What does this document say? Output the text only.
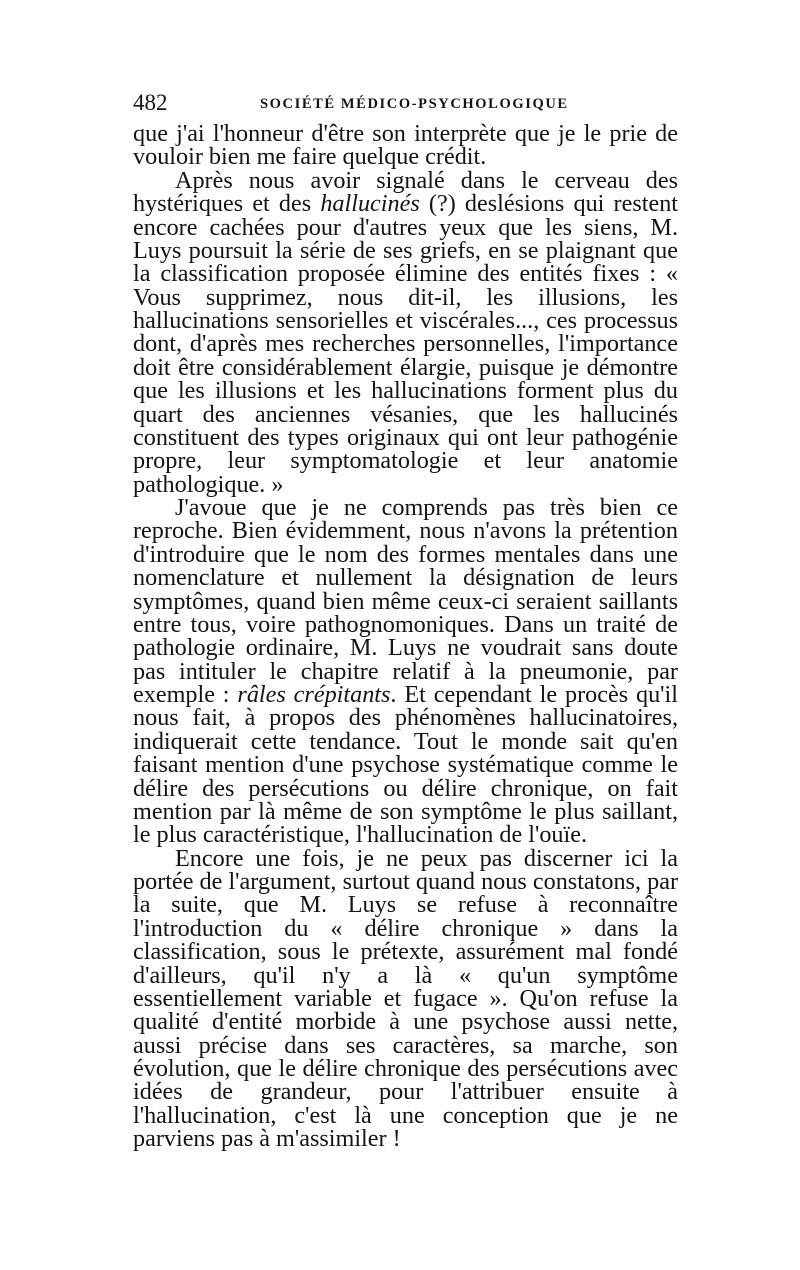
482	SOCIÉTÉ MÉDICO-PSYCHOLOGIQUE

que j'ai l'honneur d'être son interprète que je le prie de vouloir bien me faire quelque crédit.

Après nous avoir signalé dans le cerveau des hystériques et des hallucinés (?) deslésions qui restent encore cachées pour d'autres yeux que les siens, M. Luys poursuit la série de ses griefs, en se plaignant que la classification proposée élimine des entités fixes : « Vous supprimez, nous dit-il, les illusions, les hallucinations sensorielles et viscérales..., ces processus dont, d'après mes recherches personnelles, l'importance doit être considérablement élargie, puisque je démontre que les illusions et les hallucinations forment plus du quart des anciennes vésanies, que les hallucinés constituent des types originaux qui ont leur pathogénie propre, leur symptomatologie et leur anatomie pathologique. »

J'avoue que je ne comprends pas très bien ce reproche. Bien évidemment, nous n'avons la prétention d'introduire que le nom des formes mentales dans une nomenclature et nullement la désignation de leurs symptômes, quand bien même ceux-ci seraient saillants entre tous, voire pathognomoniques. Dans un traité de pathologie ordinaire, M. Luys ne voudrait sans doute pas intituler le chapitre relatif à la pneumonie, par exemple : râles crépitants. Et cependant le procès qu'il nous fait, à propos des phénomènes hallucinatoires, indiquerait cette tendance. Tout le monde sait qu'en faisant mention d'une psychose systématique comme le délire des persécutions ou délire chronique, on fait mention par là même de son symptôme le plus saillant, le plus caractéristique, l'hallucination de l'ouïe.

Encore une fois, je ne peux pas discerner ici la portée de l'argument, surtout quand nous constatons, par la suite, que M. Luys se refuse à reconnaître l'introduction du « délire chronique » dans la classification, sous le prétexte, assurément mal fondé d'ailleurs, qu'il n'y a là « qu'un symptôme essentiellement variable et fugace ». Qu'on refuse la qualité d'entité morbide à une psychose aussi nette, aussi précise dans ses caractères, sa marche, son évolution, que le délire chronique des persécutions avec idées de grandeur, pour l'attribuer ensuite à l'hallucination, c'est là une conception que je ne parviens pas à m'assimiler !
